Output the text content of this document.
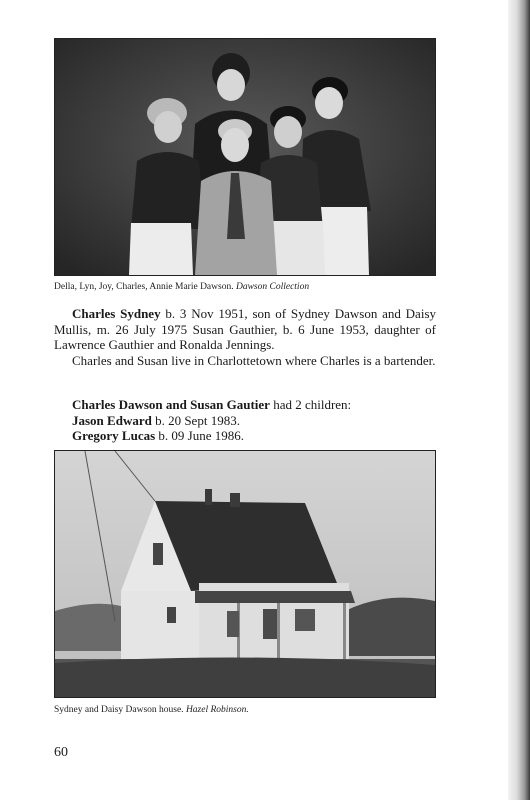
Della, Lyn, Joy, Charles, Annie Marie Dawson. Dawson Collection

Charles Sydney b. 3 Nov 1951, son of Sydney Dawson and Daisy Mullis, m. 26 July 1975 Susan Gauthier, b. 6 June 1953, daughter of Lawrence Gauthier and Ronalda Jennings.

Charles and Susan live in Charlottetown where Charles is a bartender.

Charles Dawson and Susan Gautier had 2 children:
Jason Edward b. 20 Sept 1983.
Gregory Lucas b. 09 June 1986.
Sydney and Daisy Dawson house. Hazel Robinson.
60
